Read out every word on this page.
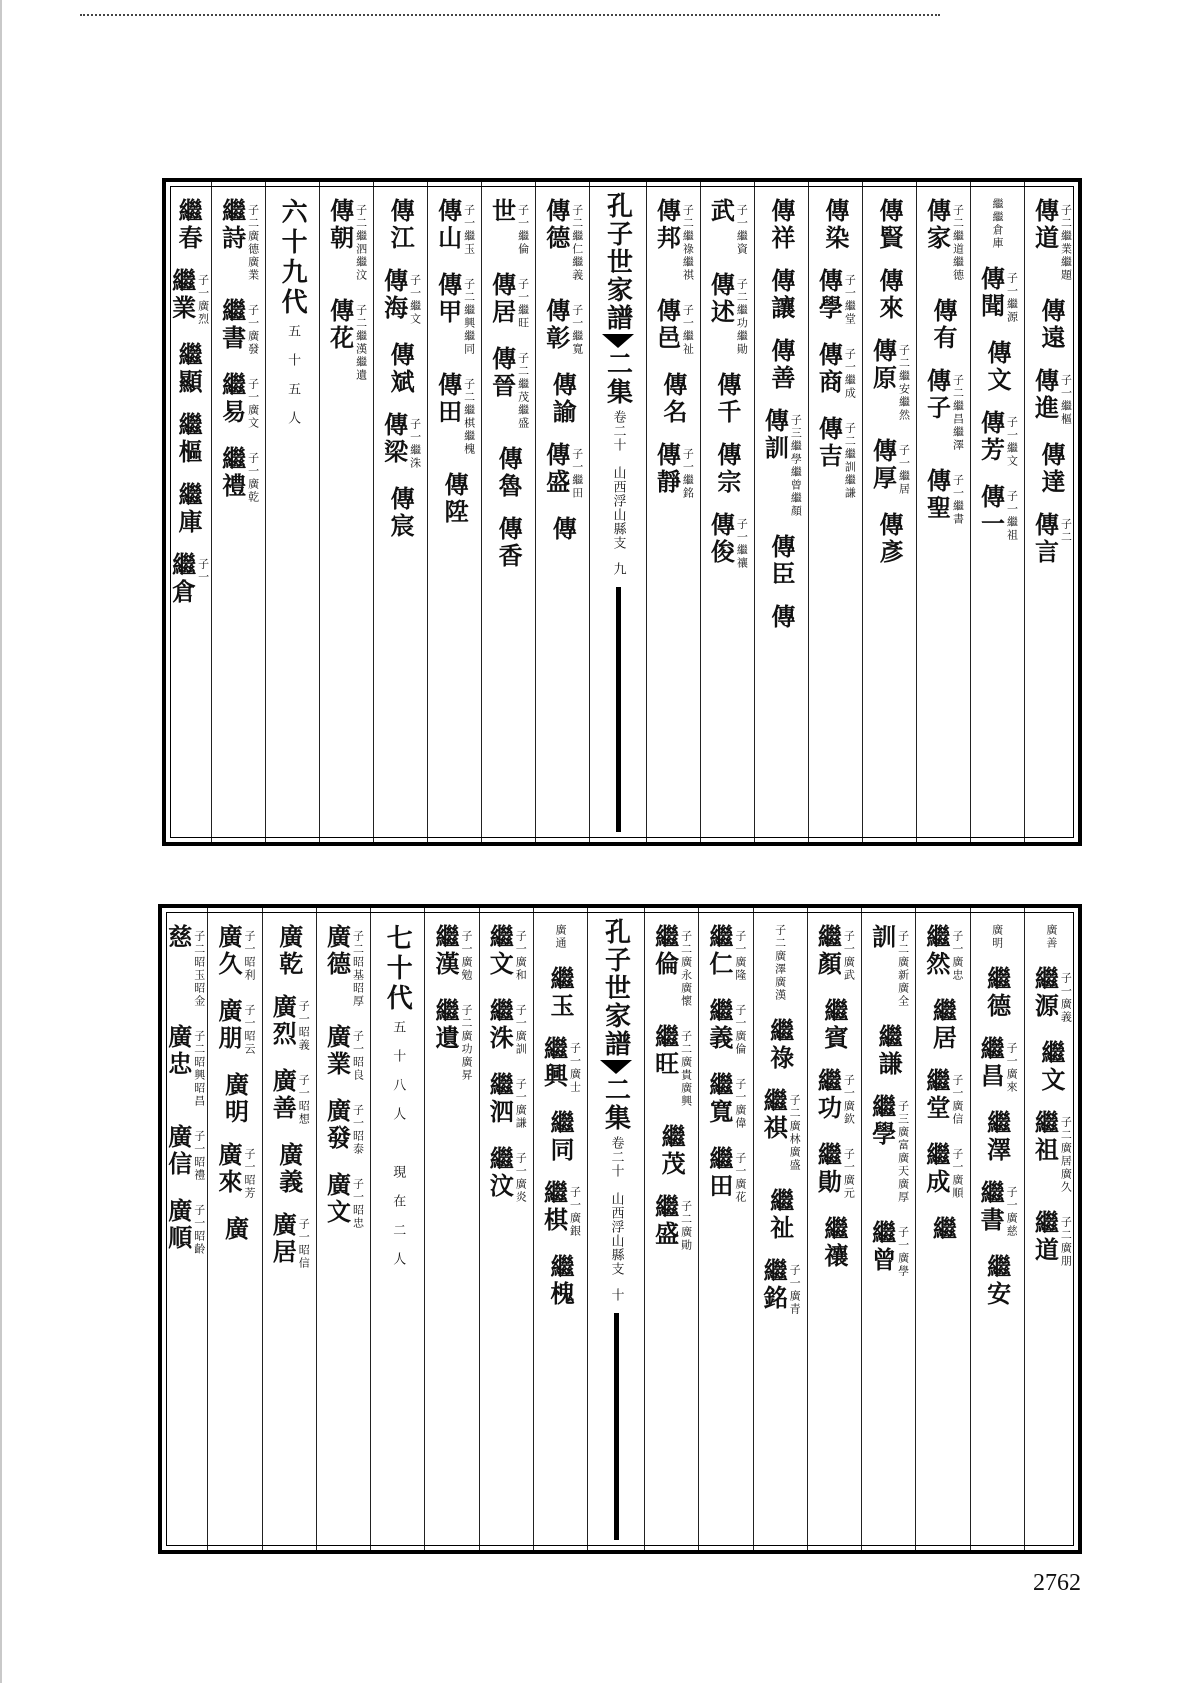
傳道 子二繼業繼題
傳遠
傳進 子一繼樞
傳達
傳言 子二
繼繼倉庫
傳聞 子一繼源
傳文
傳芳 子一繼文
傳一 子一繼祖
傳家 子二繼道繼德
傳有
傳子 子二繼昌繼澤
傳聖 子一繼書
傳賢
傳來
傳原 子二繼安繼然
傳厚 子一繼居
傳彥
傳染
傳學 子一繼堂
傳商 子一繼成
傳吉 子二繼訓繼謙
傳祥
傳讓
傳善
傳訓 子三繼學繼曾繼顏
傳臣
傳
武 子一繼資
傳述 子二繼功繼勛
傳千
傳宗
傳俊 子一繼禳
傳邦 子二繼祿繼祺
傳邑 子一繼祉
傳名
傳靜 子一繼銘
孔子世家譜
二集
卷二十　山西浮山縣支
九
傳德 子二繼仁繼義
傳彰 子一繼寬
傳諭
傳盛 子一繼田
傳
世 子一繼倫
傳居 子一繼旺
傳晉 子二繼茂繼盛
傳魯
傳香
傳山 子一繼玉
傳甲 子二繼興繼同
傳田 子二繼棋繼槐
傳陞
傳江
傳海 子一繼文
傳斌
傳梁 子一繼洙
傳宸
傳朝 子二繼泗繼汶
傳花 子二繼漢繼遺
六十九代
五十五人
繼詩 子二廣德廣業
繼書 子一廣發
繼易 子一廣文
繼禮 子一廣乾
繼春
繼業 子一廣烈
繼顯
繼樞
繼庫
繼倉 子一
廣善
繼源 子一廣義
繼文
繼祖 子二廣居廣久
繼道 子二廣朋
廣明
繼德
繼昌 子一廣來
繼澤
繼書 子一廣慈
繼安
繼然 子一廣忠
繼居
繼堂 子一廣信
繼成 子一廣順
繼
訓 子二廣新廣全
繼謙
繼學 子三廣富廣天廣厚
繼曾 子一廣學
繼顏 子一廣武
繼賓
繼功 子一廣欽
繼勛 子一廣元
繼禳
子二廣澤廣漢
繼祿
繼祺 子二廣林廣盛
繼祉
繼銘 子一廣青
繼仁 子一廣隆
繼義 子一廣倫
繼寬 子一廣偉
繼田 子一廣花
繼倫 子二廣永廣懷
繼旺 子二廣貴廣興
繼茂
繼盛 子二廣勛
孔子世家譜
二集
卷二十　山西浮山縣支
十
廣通
繼玉
繼興 子一廣士
繼同
繼棋 子一廣銀
繼槐
繼文 子一廣和
繼洙 子一廣訓
繼泗 子一廣謙
繼汶 子一廣炎
繼漢 子一廣勉
繼遺 子二廣功廣昇
七十代
五十八人　現在二人
廣德 子二昭基昭厚
廣業 子一昭良
廣發 子一昭泰
廣文 子一昭忠
廣乾
廣烈 子一昭義
廣善 子一昭想
廣義
廣居 子一昭信
廣久 子一昭利
廣朋 子一昭云
廣明
廣來 子一昭芳
廣
慈 子二昭玉昭金
廣忠 子二昭興昭昌
廣信 子一昭禮
廣順 子一昭齡
2762
